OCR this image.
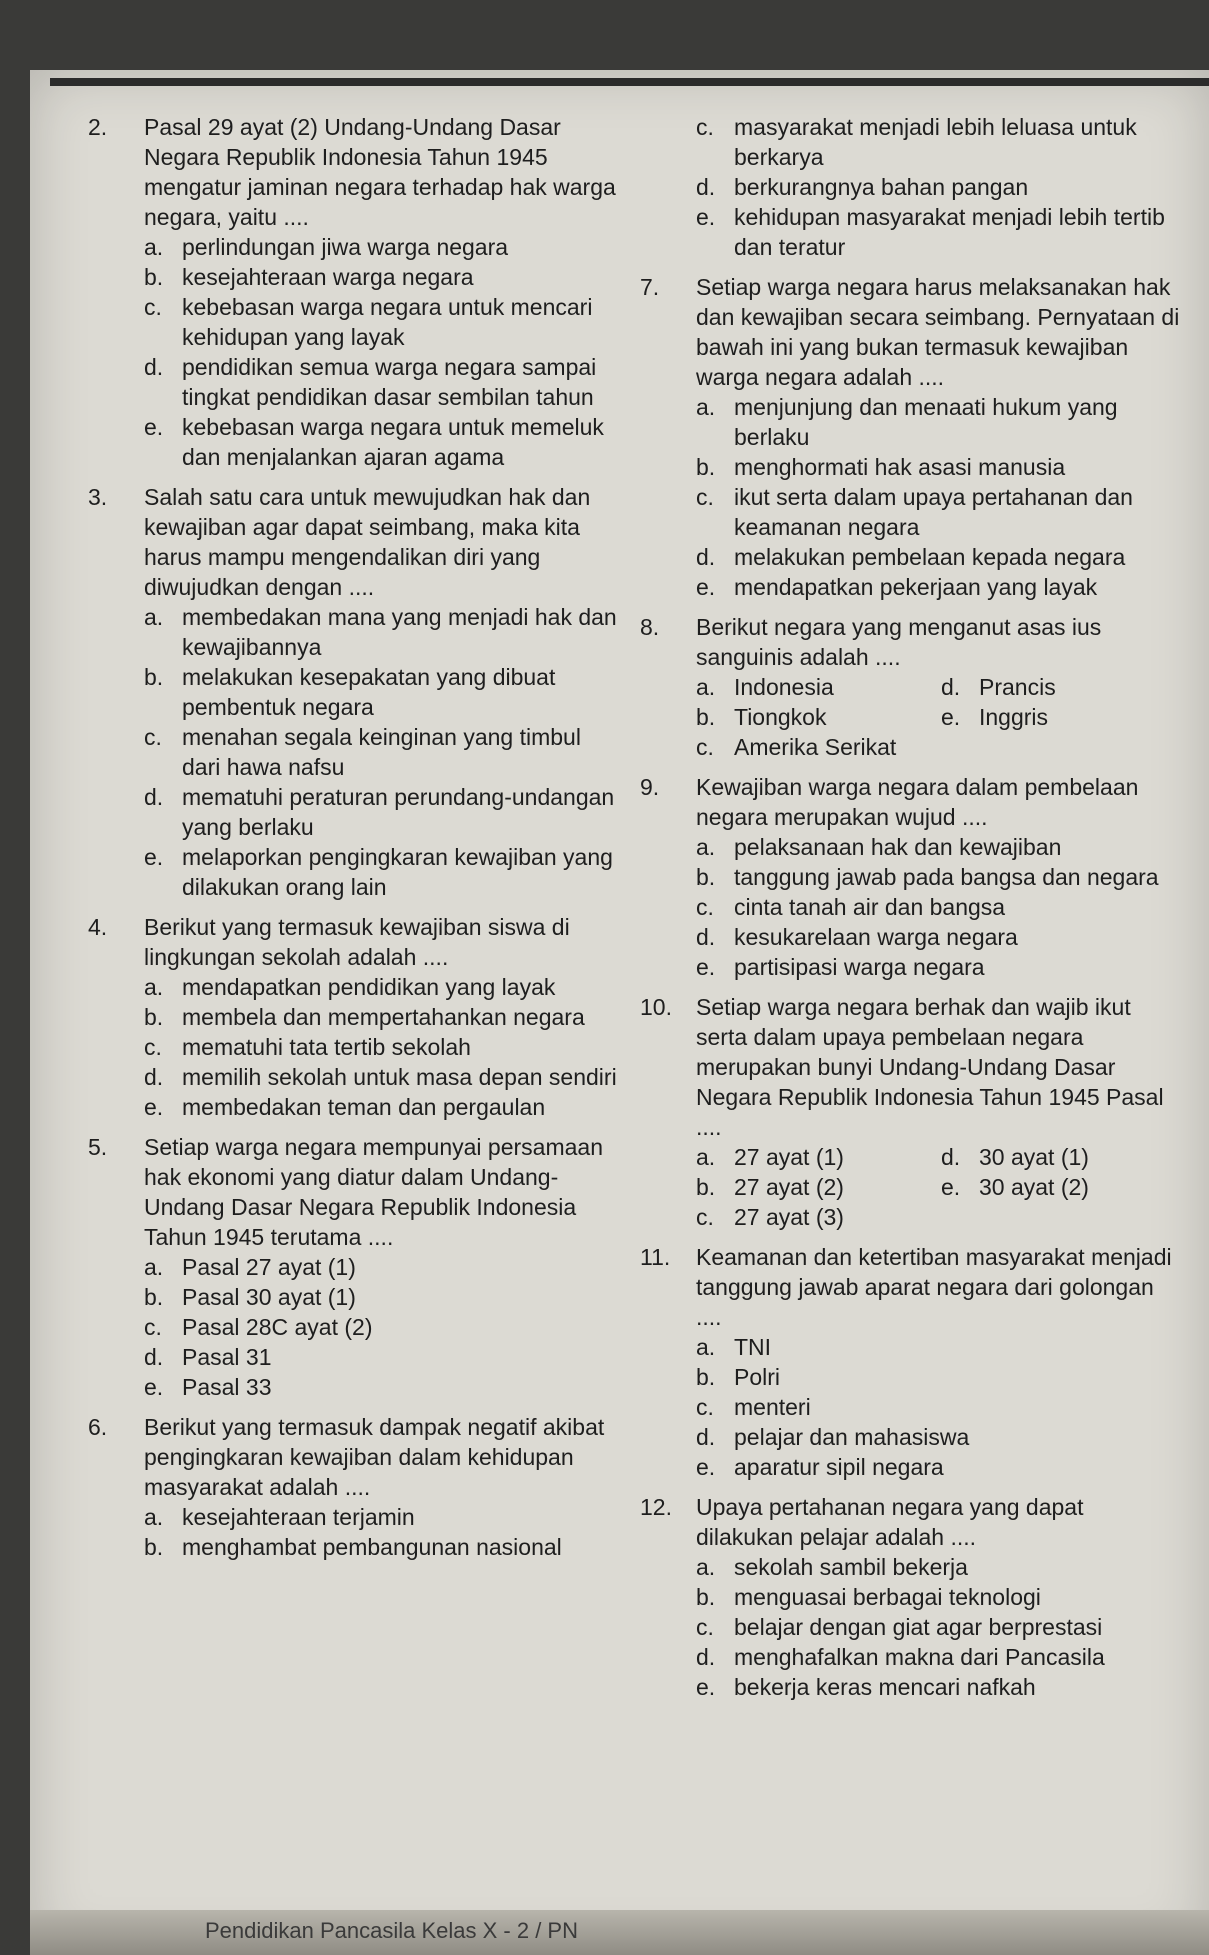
2.	Pasal 29 ayat (2) Undang-Undang Dasar Negara Republik Indonesia Tahun 1945 mengatur jaminan negara terhadap hak warga negara, yaitu ....
a. perlindungan jiwa warga negara
b. kesejahteraan warga negara
c. kebebasan warga negara untuk mencari kehidupan yang layak
d. pendidikan semua warga negara sampai tingkat pendidikan dasar sembilan tahun
e. kebebasan warga negara untuk memeluk dan menjalankan ajaran agama
3.	Salah satu cara untuk mewujudkan hak dan kewajiban agar dapat seimbang, maka kita harus mampu mengendalikan diri yang diwujudkan dengan ....
a. membedakan mana yang menjadi hak dan kewajibannya
b. melakukan kesepakatan yang dibuat pembentuk negara
c. menahan segala keinginan yang timbul dari hawa nafsu
d. mematuhi peraturan perundang-undangan yang berlaku
e. melaporkan pengingkaran kewajiban yang dilakukan orang lain
4.	Berikut yang termasuk kewajiban siswa di lingkungan sekolah adalah ....
a. mendapatkan pendidikan yang layak
b. membela dan mempertahankan negara
c. mematuhi tata tertib sekolah
d. memilih sekolah untuk masa depan sendiri
e. membedakan teman dan pergaulan
5.	Setiap warga negara mempunyai persamaan hak ekonomi yang diatur dalam Undang-Undang Dasar Negara Republik Indonesia Tahun 1945 terutama ....
a. Pasal 27 ayat (1)
b. Pasal 30 ayat (1)
c. Pasal 28C ayat (2)
d. Pasal 31
e. Pasal 33
6.	Berikut yang termasuk dampak negatif akibat pengingkaran kewajiban dalam kehidupan masyarakat adalah ....
a. kesejahteraan terjamin
b. menghambat pembangunan nasional
c. masyarakat menjadi lebih leluasa untuk berkarya
d. berkurangnya bahan pangan
e. kehidupan masyarakat menjadi lebih tertib dan teratur
7.	Setiap warga negara harus melaksanakan hak dan kewajiban secara seimbang. Pernyataan di bawah ini yang bukan termasuk kewajiban warga negara adalah ....
a. menjunjung dan menaati hukum yang berlaku
b. menghormati hak asasi manusia
c. ikut serta dalam upaya pertahanan dan keamanan negara
d. melakukan pembelaan kepada negara
e. mendapatkan pekerjaan yang layak
8.	Berikut negara yang menganut asas ius sanguinis adalah ....
a. Indonesia	d. Prancis
b. Tiongkok	e. Inggris
c. Amerika Serikat
9.	Kewajiban warga negara dalam pembelaan negara merupakan wujud ....
a. pelaksanaan hak dan kewajiban
b. tanggung jawab pada bangsa dan negara
c. cinta tanah air dan bangsa
d. kesukarelaan warga negara
e. partisipasi warga negara
10.	Setiap warga negara berhak dan wajib ikut serta dalam upaya pembelaan negara merupakan bunyi Undang-Undang Dasar Negara Republik Indonesia Tahun 1945 Pasal ....
a. 27 ayat (1)	d. 30 ayat (1)
b. 27 ayat (2)	e. 30 ayat (2)
c. 27 ayat (3)
11.	Keamanan dan ketertiban masyarakat menjadi tanggung jawab aparat negara dari golongan ....
a. TNI
b. Polri
c. menteri
d. pelajar dan mahasiswa
e. aparatur sipil negara
12.	Upaya pertahanan negara yang dapat dilakukan pelajar adalah ....
a. sekolah sambil bekerja
b. menguasai berbagai teknologi
c. belajar dengan giat agar berprestasi
d. menghafalkan makna dari Pancasila
e. bekerja keras mencari nafkah
Pendidikan Pancasila Kelas X - 2 / PN
